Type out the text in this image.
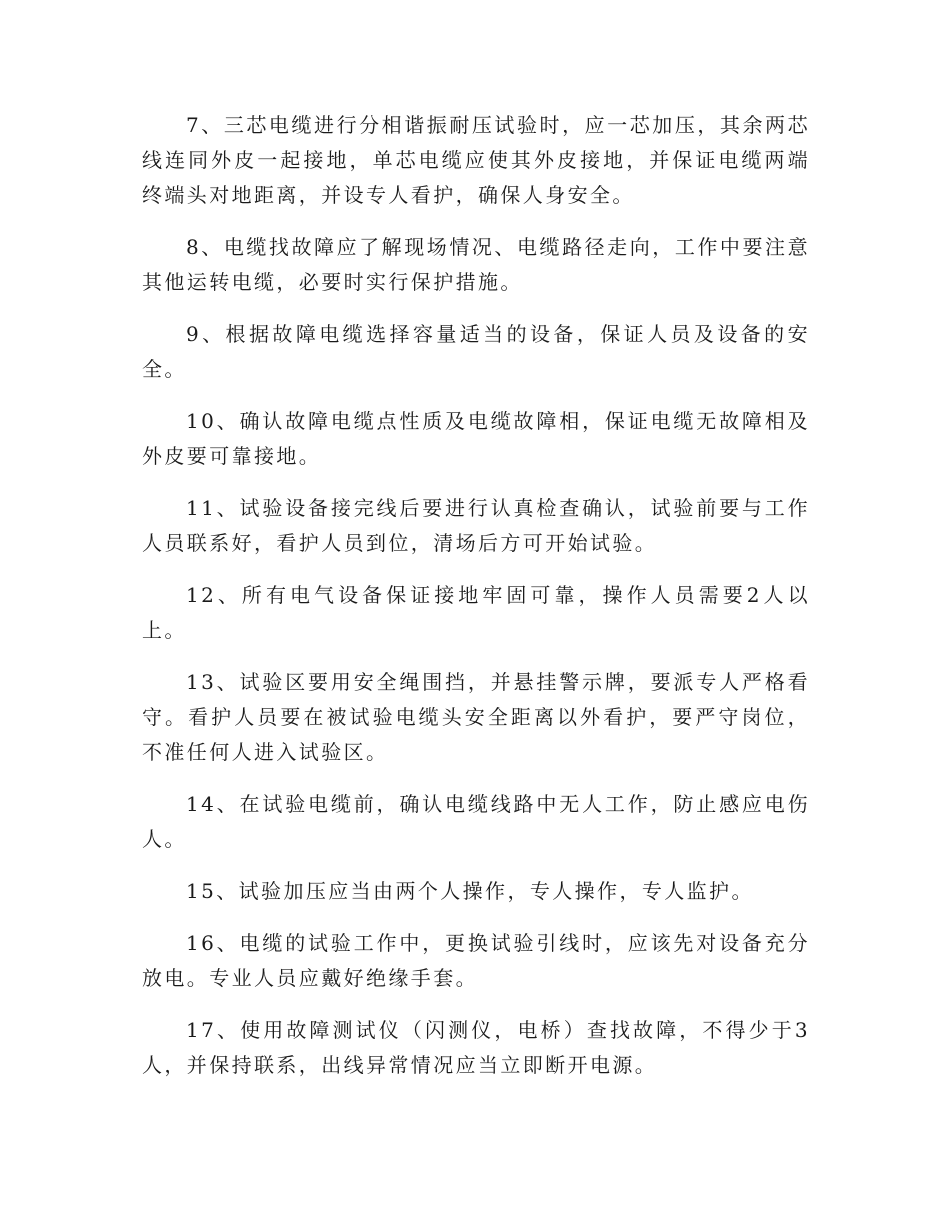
7、三芯电缆进行分相谐振耐压试验时，应一芯加压，其余两芯线连同外皮一起接地，单芯电缆应使其外皮接地，并保证电缆两端终端头对地距离，并设专人看护，确保人身安全。

8、电缆找故障应了解现场情况、电缆路径走向，工作中要注意其他运转电缆，必要时实行保护措施。

9、根据故障电缆选择容量适当的设备，保证人员及设备的安全。

10、确认故障电缆点性质及电缆故障相，保证电缆无故障相及外皮要可靠接地。

11、试验设备接完线后要进行认真检查确认，试验前要与工作人员联系好，看护人员到位，清场后方可开始试验。

12、所有电气设备保证接地牢固可靠，操作人员需要2人以上。

13、试验区要用安全绳围挡，并悬挂警示牌，要派专人严格看守。看护人员要在被试验电缆头安全距离以外看护，要严守岗位，不准任何人进入试验区。

14、在试验电缆前，确认电缆线路中无人工作，防止感应电伤人。

15、试验加压应当由两个人操作，专人操作，专人监护。

16、电缆的试验工作中，更换试验引线时，应该先对设备充分放电。专业人员应戴好绝缘手套。

17、使用故障测试仪（闪测仪，电桥）查找故障，不得少于3人，并保持联系，出线异常情况应当立即断开电源。
